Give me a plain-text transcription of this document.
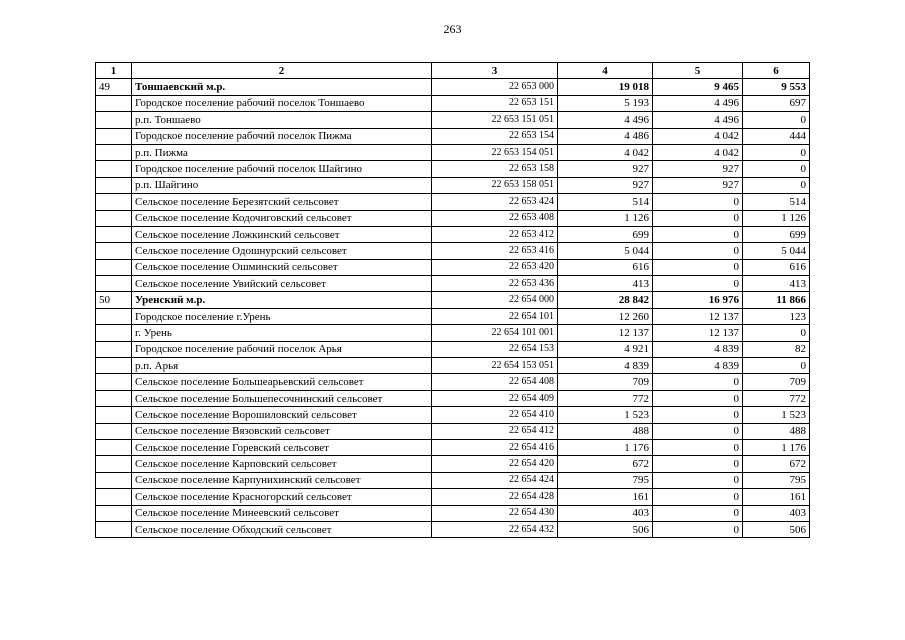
263
1	2	3	4	5	6
49	Тоншаевский м.р.	22 653 000	19 018	9 465	9 553
	Городское поселение рабочий поселок Тоншаево	22 653 151	5 193	4 496	697
	р.п. Тоншаево	22 653 151 051	4 496	4 496	0
	Городское поселение рабочий поселок Пижма	22 653 154	4 486	4 042	444
	р.п. Пижма	22 653 154 051	4 042	4 042	0
	Городское поселение рабочий поселок Шайгино	22 653 158	927	927	0
	р.п. Шайгино	22 653 158 051	927	927	0
	Сельское поселение Березятский сельсовет	22 653 424	514	0	514
	Сельское поселение Кодочиговский сельсовет	22 653 408	1 126	0	1 126
	Сельское поселение Ложкинский сельсовет	22 653 412	699	0	699
	Сельское поселение Одошнурский сельсовет	22 653 416	5 044	0	5 044
	Сельское поселение Ошминский сельсовет	22 653 420	616	0	616
	Сельское поселение Увийский сельсовет	22 653 436	413	0	413
50	Уренский м.р.	22 654 000	28 842	16 976	11 866
	Городское поселение г.Урень	22 654 101	12 260	12 137	123
	г. Урень	22 654 101 001	12 137	12 137	0
	Городское поселение рабочий поселок Арья	22 654 153	4 921	4 839	82
	р.п. Арья	22 654 153 051	4 839	4 839	0
	Сельское поселение Большеарьевский сельсовет	22 654 408	709	0	709
	Сельское поселение Большепесочнинский сельсовет	22 654 409	772	0	772
	Сельское поселение Ворошиловский сельсовет	22 654 410	1 523	0	1 523
	Сельское поселение Вязовский сельсовет	22 654 412	488	0	488
	Сельское поселение Горевский сельсовет	22 654 416	1 176	0	1 176
	Сельское поселение Карповский сельсовет	22 654 420	672	0	672
	Сельское поселение Карпунихинский сельсовет	22 654 424	795	0	795
	Сельское поселение Красногорский сельсовет	22 654 428	161	0	161
	Сельское поселение Минеевский сельсовет	22 654 430	403	0	403
	Сельское поселение Обходский сельсовет	22 654 432	506	0	506
